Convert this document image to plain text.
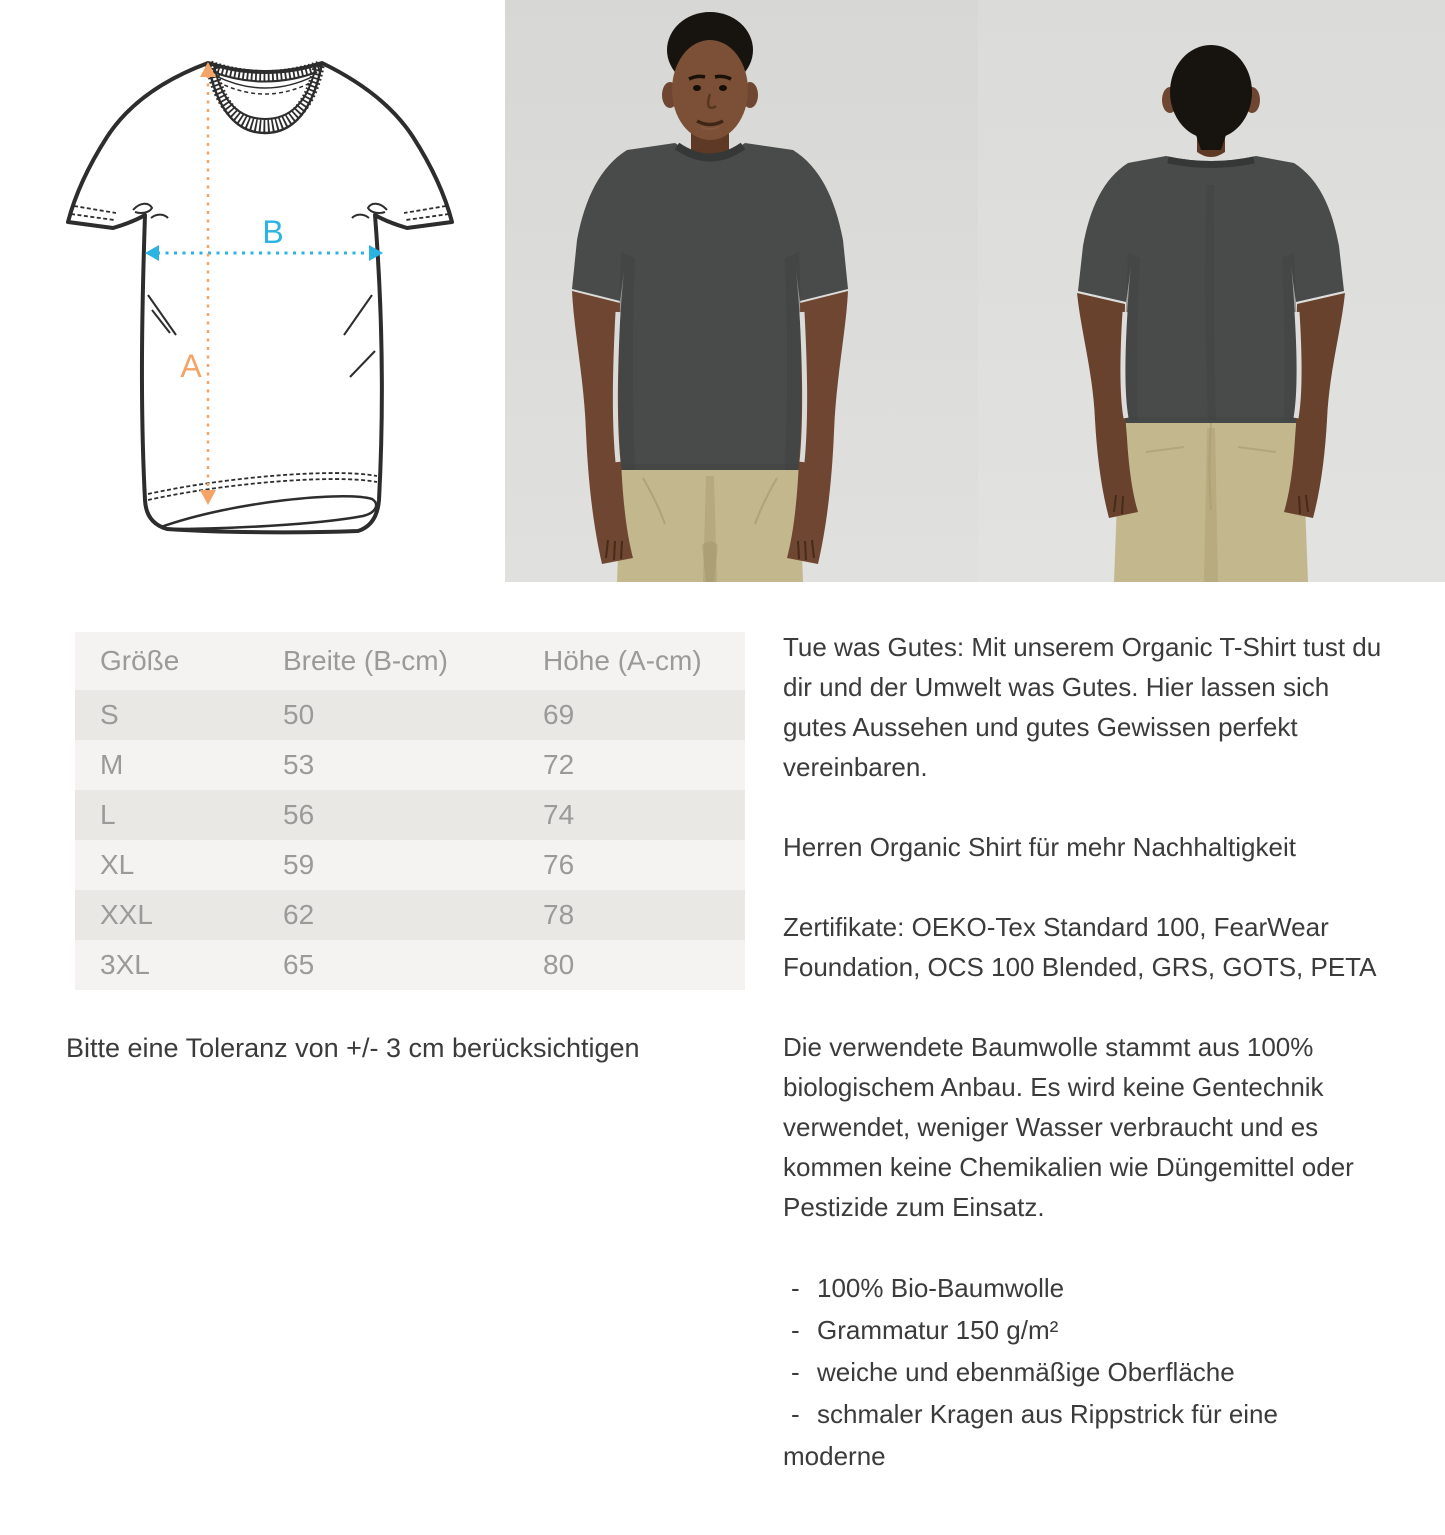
B
A
Größe	Breite (B-cm)	Höhe (A-cm)
S	50	69
M	53	72
L	56	74
XL	59	76
XXL	62	78
3XL	65	80
Bitte eine Toleranz von +/- 3 cm berücksichtigen

Tue was Gutes: Mit unserem Organic T-Shirt tust du dir und der Umwelt was Gutes. Hier lassen sich gutes Aussehen und gutes Gewissen perfekt vereinbaren.

Herren Organic Shirt für mehr Nachhaltigkeit

Zertifikate: OEKO-Tex Standard 100, FearWear Foundation, OCS 100 Blended, GRS, GOTS, PETA

Die verwendete Baumwolle stammt aus 100% biologischem Anbau. Es wird keine Gentechnik verwendet, weniger Wasser verbraucht und es kommen keine Chemikalien wie Düngemittel oder Pestizide zum Einsatz.

- 100% Bio-Baumwolle
- Grammatur 150 g/m²
- weiche und ebenmäßige Oberfläche
- schmaler Kragen aus Rippstrick für eine moderne
